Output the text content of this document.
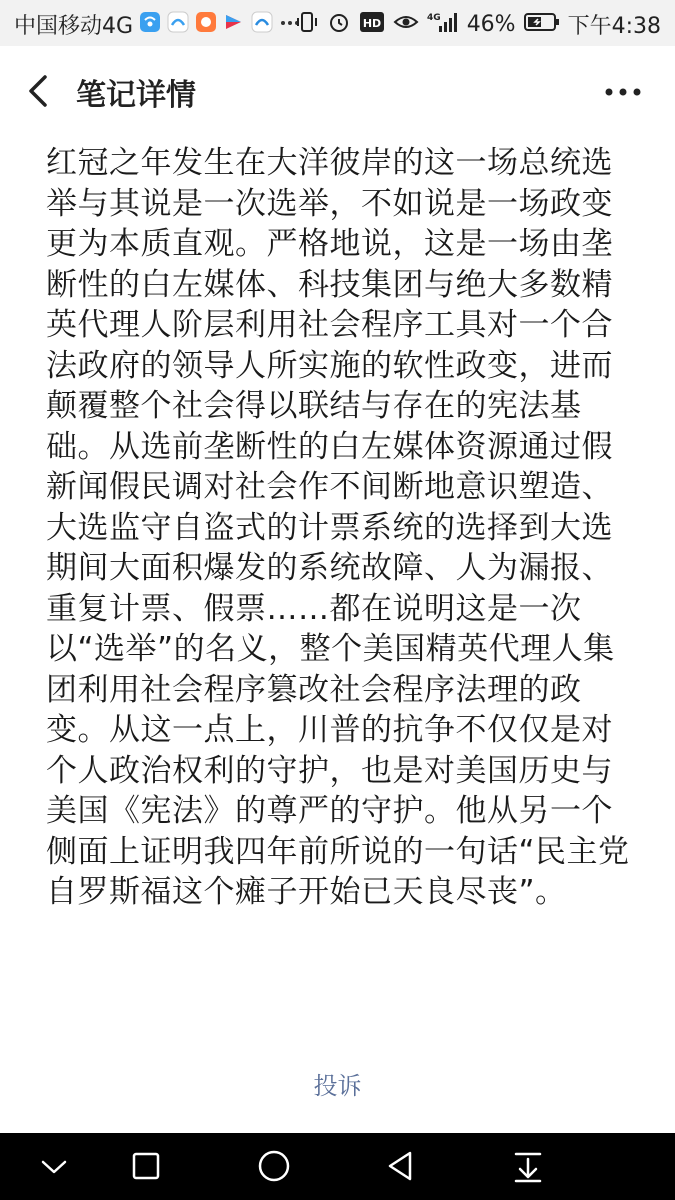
中国移动4G	HD	4G 46% 下午4:38
笔记详情
红冠之年发生在大洋彼岸的这一场总统选
举与其说是一次选举，不如说是一场政变
更为本质直观。严格地说，这是一场由垄
断性的白左媒体、科技集团与绝大多数精
英代理人阶层利用社会程序工具对一个合
法政府的领导人所实施的软性政变，进而
颠覆整个社会得以联结与存在的宪法基
础。从选前垄断性的白左媒体资源通过假
新闻假民调对社会作不间断地意识塑造、
大选监守自盗式的计票系统的选择到大选
期间大面积爆发的系统故障、人为漏报、
重复计票、假票……都在说明这是一次
以“选举”的名义，整个美国精英代理人集
团利用社会程序篡改社会程序法理的政
变。从这一点上，川普的抗争不仅仅是对
个人政治权利的守护，也是对美国历史与
美国《宪法》的尊严的守护。他从另一个
侧面上证明我四年前所说的一句话“民主党
自罗斯福这个瘫子开始已天良尽丧”。
投诉
